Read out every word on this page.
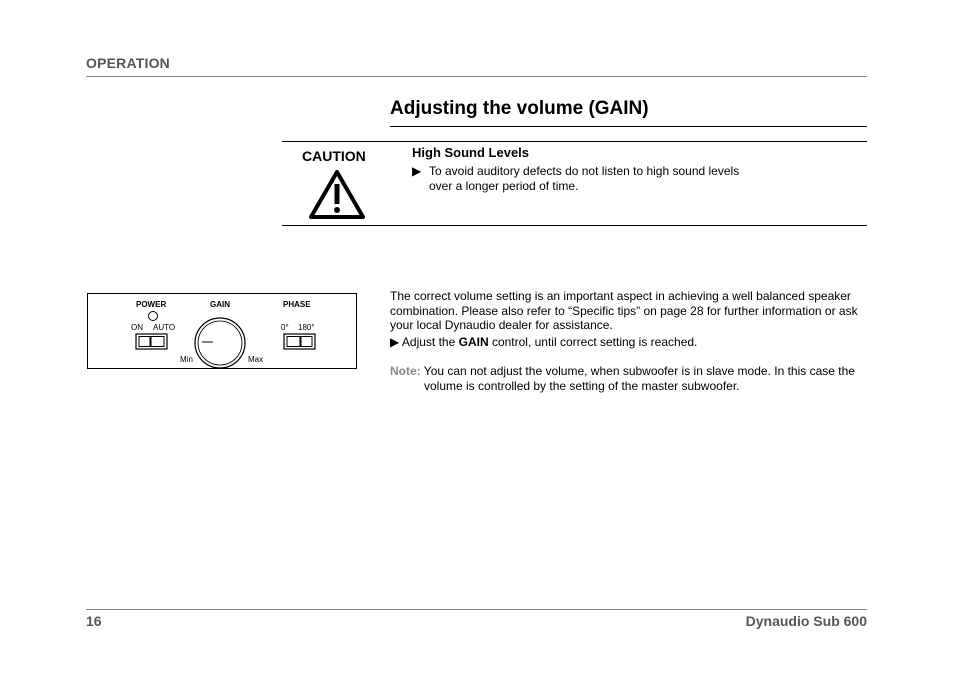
OPERATION
Adjusting the volume (GAIN)
CAUTION	High Sound Levels
▶ To avoid auditory defects do not listen to high sound levels over a longer period of time.
POWER	GAIN	PHASE
ON AUTO
Min	Max
0° 180°
The correct volume setting is an important aspect in achieving a well balanced speaker combination. Please also refer to “Specific tips” on page 28 for further information or ask your local Dynaudio dealer for assistance.
▶ Adjust the GAIN control, until correct setting is reached.
Note: You can not adjust the volume, when subwoofer is in slave mode. In this case the
volume is controlled by the setting of the master subwoofer.
16	Dynaudio Sub 600
